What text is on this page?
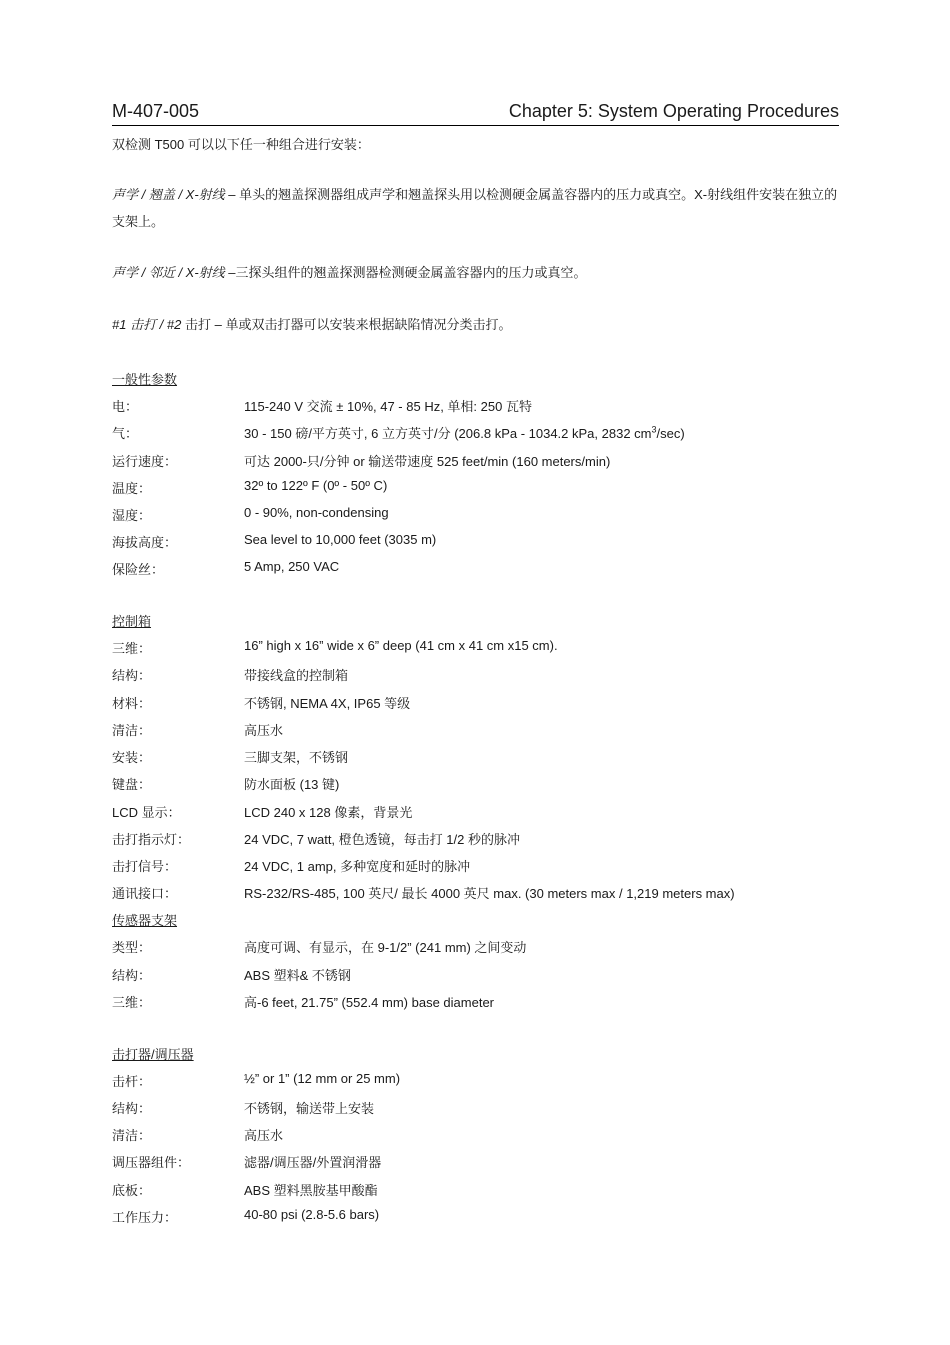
M-407-005	Chapter 5: System Operating Procedures
双检测 T500 可以以下任一种组合进行安装：
声学 / 翘盖 / X-射线 – 单头的翘盖探测器组成声学和翘盖探头用以检测硬金属盖容器内的压力或真空。X-射线组件安装在独立的支架上。
声学 / 邻近 / X-射线 –三探头组件的翘盖探测器检测硬金属盖容器内的压力或真空。
#1 击打 / #2 击打 – 单或双击打器可以安装来根据缺陷情况分类击打。
一般性参数
电：	115-240 V 交流 ± 10%, 47 - 85 Hz, 单相: 250 瓦特
气：	30 - 150 磅/平方英寸, 6 立方英寸/分 (206.8 kPa - 1034.2 kPa, 2832 $cm^3/\sec$)
运行速度：	可达 2000-只/分钟 or 输送带速度 525 feet/min (160 meters/min)
温度：	32º to 122º F (0º - 50º C)
湿度：	0 - 90%, non-condensing
海拔高度：	Sea level to 10,000 feet (3035 m)
保险丝：	5 Amp, 250 VAC
控制箱
三维：	16” high x 16” wide x 6” deep (41 cm x 41 cm x15 cm).
结构：	带接线盒的控制箱
材料：	不锈钢, NEMA 4X, IP65 等级
清洁：	高压水
安装：	三脚支架，不锈钢
键盘：	防水面板 (13 键)
LCD 显示：	LCD 240 x 128 像素，背景光
击打指示灯：	24 VDC, 7 watt, 橙色透镜，每击打 1/2 秒的脉冲
击打信号：	24 VDC, 1 amp, 多种宽度和延时的脉冲
通讯接口：	RS-232/RS-485, 100 英尺/ 最长 4000 英尺 max. (30 meters max / 1,219 meters max)
传感器支架
类型：	高度可调、有显示，在 9-1/2” (241 mm) 之间变动
结构：	ABS 塑料& 不锈钢
三维：	高-6 feet, 21.75” (552.4 mm) base diameter
击打器/调压器
击杆：	½” or 1” (12 mm or 25 mm)
结构：	不锈钢，输送带上安装
清洁：	高压水
调压器组件：	滤器/调压器/外置润滑器
底板：	ABS 塑料黑胺基甲酸酯
工作压力：	40-80 psi (2.8-5.6 bars)
